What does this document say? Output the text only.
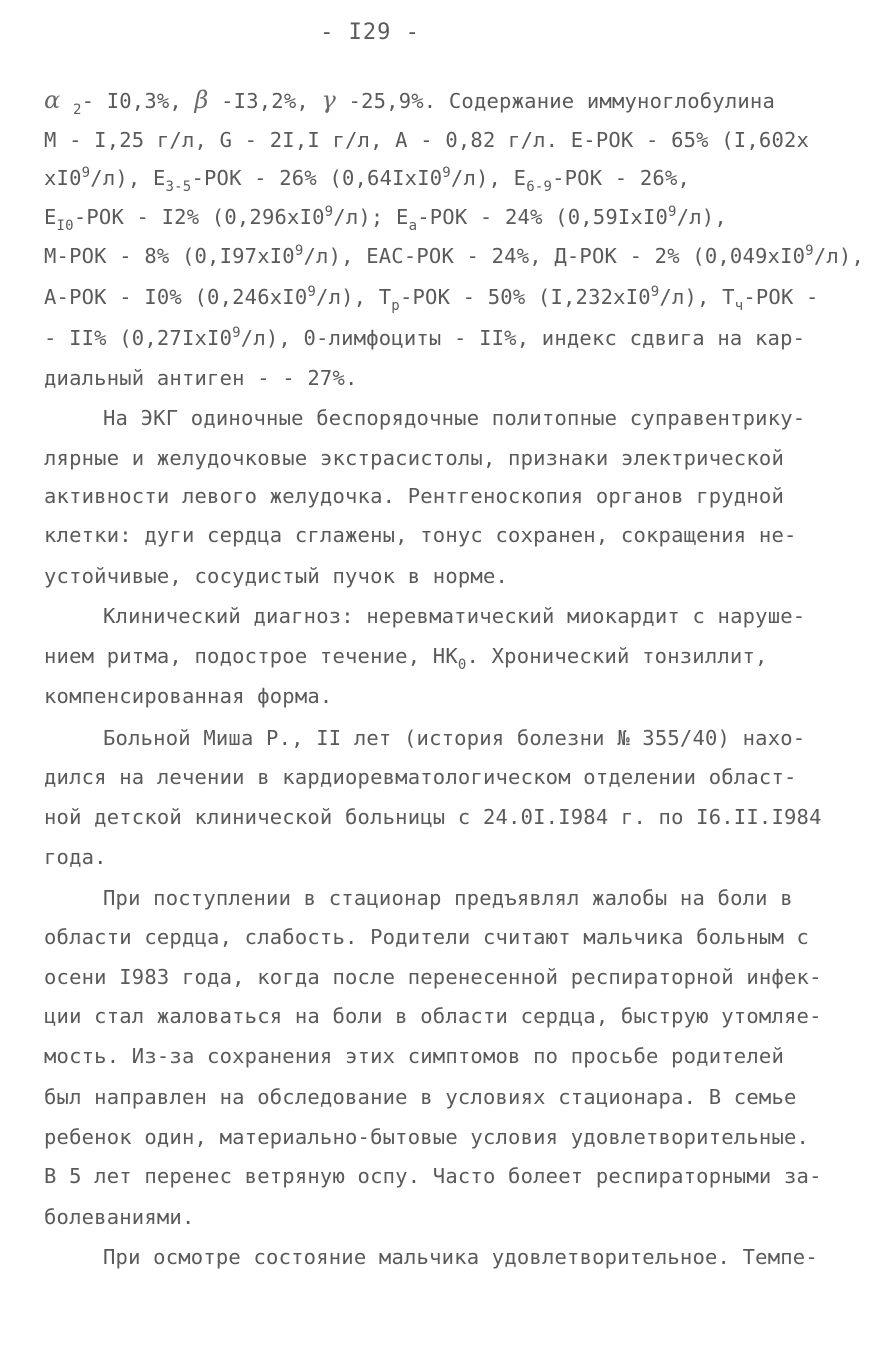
- I29 -
α $_2$- I0,3%, β -I3,2%, γ -25,9%. Содержание иммуноглобулина
М - I,25 г/л, G - 2I,I г/л, А - 0,82 г/л. Е-РОК - 65% (I,602х
$хI0^9/л$), $Е_{3-5}$-РОК - 26% $(0,64IхI0^9/л)$, $Е_{6-9}$-РОК - 26%,
$Е_{I0}$-РОК - I2% $(0,296хI0^9/л)$; $Е_а$-РОК - 24% $(0,59IхI0^9/л)$,
М-РОК - 8% $(0,I97хI0^9/л)$, ЕАС-РОК - 24%, Д-РОК - 2% $(0,049хI0^9/л)$,
А-РОК - I0% $(0,246хI0^9/л)$, $Т_р$-РОК - 50% $(I,232хI0^9/л)$, $Т_ч$-РОК -
- II% $(0,27IхI0^9/л)$, 0-лимфоциты - II%, индекс сдвига на кар-
диальный антиген - - 27%.
На ЭКГ одиночные беспорядочные политопные суправентрику-
лярные и желудочковые экстрасистолы, признаки электрической
активности левого желудочка. Рентгеноскопия органов грудной
клетки: дуги сердца сглажены, тонус сохранен, сокращения не-
устойчивые, сосудистый пучок в норме.
Клинический диагноз: неревматический миокардит с наруше-
нием ритма, подострое течение, $НК_0$. Хронический тонзиллит,
компенсированная форма.
Больной Миша Р., II лет (история болезни № 355/40) нахо-
дился на лечении в кардиоревматологическом отделении област-
ной детской клинической больницы с 24.0I.I984 г. по I6.II.I984
года.
При поступлении в стационар предъявлял жалобы на боли в
области сердца, слабость. Родители считают мальчика больным с
осени I983 года, когда после перенесенной респираторной инфек-
ции стал жаловаться на боли в области сердца, быструю утомляе-
мость. Из-за сохранения этих симптомов по просьбе родителей
был направлен на обследование в условиях стационара. В семье
ребенок один, материально-бытовые условия удовлетворительные.
В 5 лет перенес ветряную оспу. Часто болеет респираторными за-
болеваниями.
При осмотре состояние мальчика удовлетворительное. Темпе-
